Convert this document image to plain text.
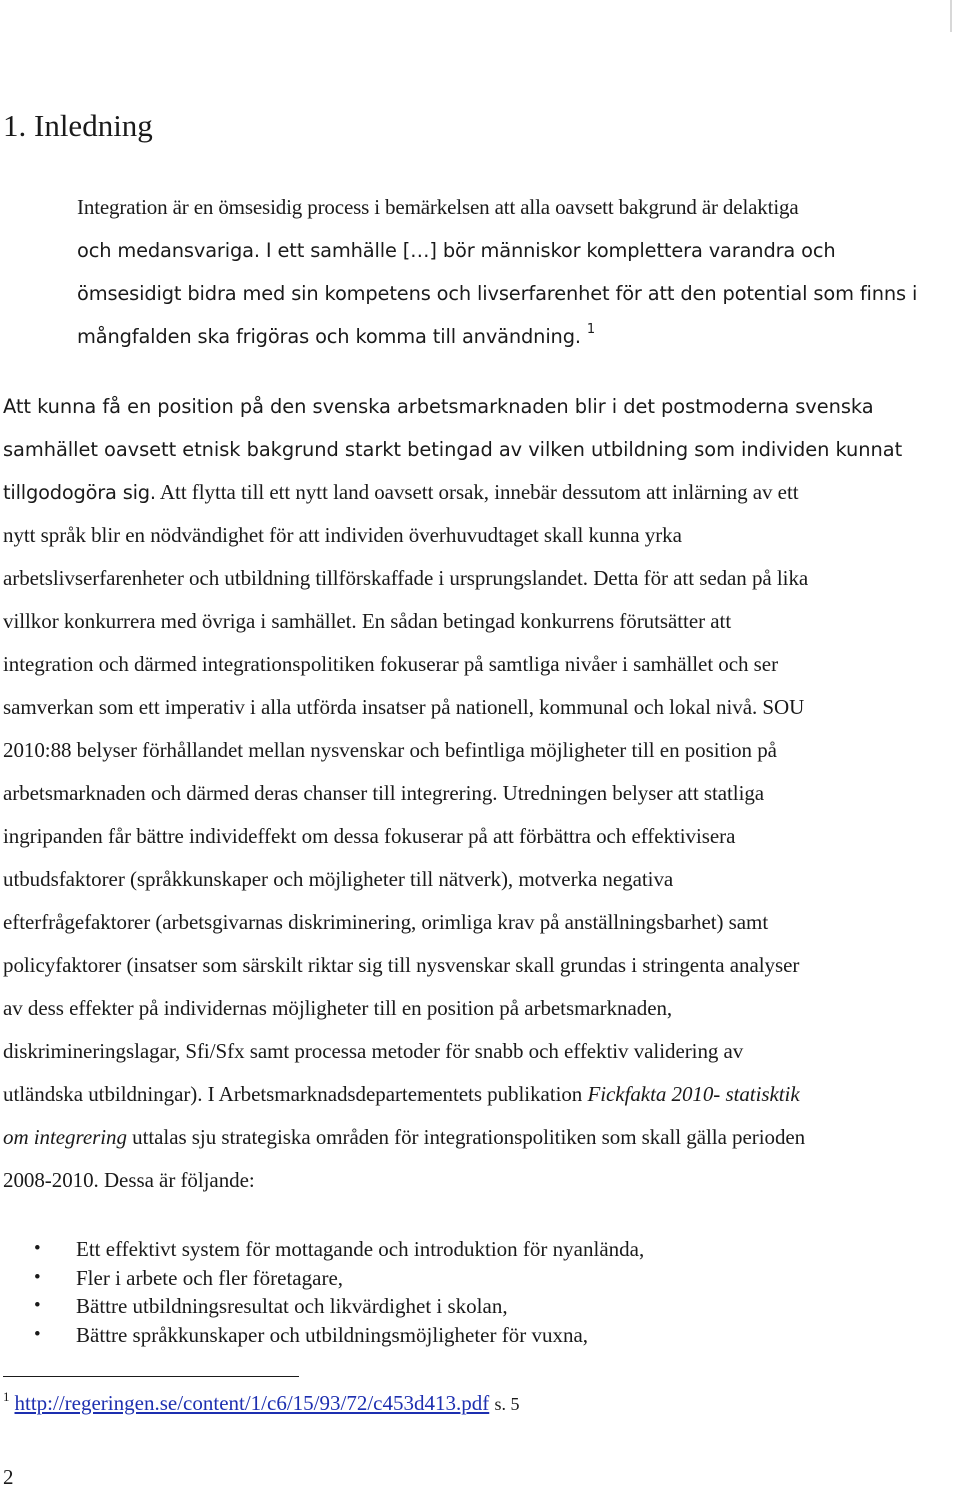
1. Inledning
Integration är en ömsesidig process i bemärkelsen att alla oavsett bakgrund är delaktiga
och medansvariga. I ett samhälle […] bör människor komplettera varandra och
ömsesidigt bidra med sin kompetens och livserfarenhet för att den potential som finns i
mångfalden ska frigöras och komma till användning. $^1$
Att kunna få en position på den svenska arbetsmarknaden blir i det postmoderna svenska
samhället oavsett etnisk bakgrund starkt betingad av vilken utbildning som individen kunnat
tillgodogöra sig. Att flytta till ett nytt land oavsett orsak, innebär dessutom att inlärning av ett
nytt språk blir en nödvändighet för att individen överhuvudtaget skall kunna yrka
arbetslivserfarenheter och utbildning tillförskaffade i ursprungslandet. Detta för att sedan på lika
villkor konkurrera med övriga i samhället. En sådan betingad konkurrens förutsätter att
integration och därmed integrationspolitiken fokuserar på samtliga nivåer i samhället och ser
samverkan som ett imperativ i alla utförda insatser på nationell, kommunal och lokal nivå. SOU
2010:88 belyser förhållandet mellan nysvenskar och befintliga möjligheter till en position på
arbetsmarknaden och därmed deras chanser till integrering. Utredningen belyser att statliga
ingripanden får bättre individeffekt om dessa fokuserar på att förbättra och effektivisera
utbudsfaktorer (språkkunskaper och möjligheter till nätverk), motverka negativa
efterfrågefaktorer (arbetsgivarnas diskriminering, orimliga krav på anställningsbarhet) samt
policyfaktorer (insatser som särskilt riktar sig till nysvenskar skall grundas i stringenta analyser
av dess effekter på individernas möjligheter till en position på arbetsmarknaden,
diskrimineringslagar, Sfi/Sfx samt processa metoder för snabb och effektiv validering av
utländska utbildningar). I Arbetsmarknadsdepartementets publikation Fickfakta 2010- statisktik
om integrering uttalas sju strategiska områden för integrationspolitiken som skall gälla perioden
2008-2010. Dessa är följande:
• Ett effektivt system för mottagande och introduktion för nyanlända,
• Fler i arbete och fler företagare,
• Bättre utbildningsresultat och likvärdighet i skolan,
• Bättre språkkunskaper och utbildningsmöjligheter för vuxna,
$^1$ http://regeringen.se/content/1/c6/15/93/72/c453d413.pdf s. 5
2
